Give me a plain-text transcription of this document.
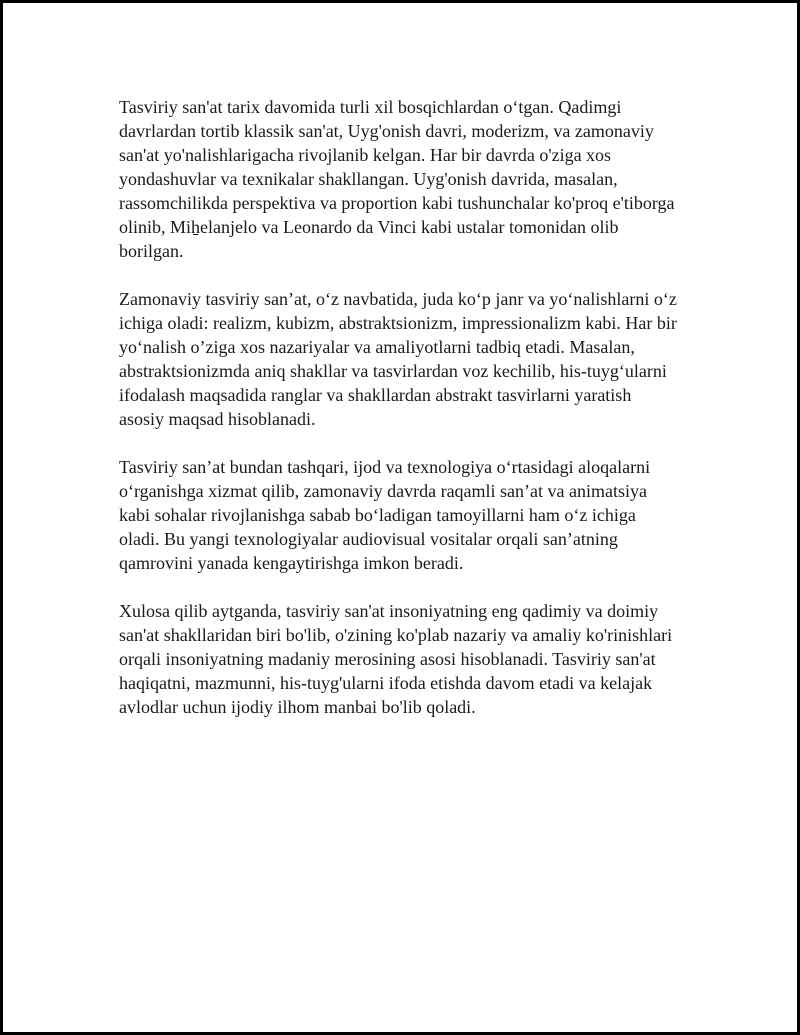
Tasviriy san'at tarix davomida turli xil bosqichlardan o‘tgan. Qadimgi davrlardan tortib klassik san'at, Uyg'onish davri, moderizm, va zamonaviy san'at yo'nalishlarigacha rivojlanib kelgan. Har bir davrda o'ziga xos yondashuvlar va texnikalar shakllangan. Uyg'onish davrida, masalan, rassomchilikda perspektiva va proportion kabi tushunchalar ko'proq e'tiborga olinib, Miẖelanjelo va Leonardo da Vinci kabi ustalar tomonidan olib borilgan.

Zamonaviy tasviriy san’at, o‘z navbatida, juda ko‘p janr va yo‘nalishlarni o‘z ichiga oladi: realizm, kubizm, abstraktsionizm, impressionalizm kabi. Har bir yo‘nalish o’ziga xos nazariyalar va amaliyotlarni tadbiq etadi. Masalan, abstraktsionizmda aniq shakllar va tasvirlardan voz kechilib, his-tuyg‘ularni ifodalash maqsadida ranglar va shakllardan abstrakt tasvirlarni yaratish asosiy maqsad hisoblanadi.

Tasviriy san’at bundan tashqari, ijod va texnologiya o‘rtasidagi aloqalarni o‘rganishga xizmat qilib, zamonaviy davrda raqamli san’at va animatsiya kabi sohalar rivojlanishga sabab bo‘ladigan tamoyillarni ham o‘z ichiga oladi. Bu yangi texnologiyalar audiovisual vositalar orqali san’atning qamrovini yanada kengaytirishga imkon beradi.

Xulosa qilib aytganda, tasviriy san'at insoniyatning eng qadimiy va doimiy san'at shakllaridan biri bo'lib, o'zining ko'plab nazariy va amaliy ko'rinishlari orqali insoniyatning madaniy merosining asosi hisoblanadi. Tasviriy san'at haqiqatni, mazmunni, his-tuyg'ularni ifoda etishda davom etadi va kelajak avlodlar uchun ijodiy ilhom manbai bo'lib qoladi.
